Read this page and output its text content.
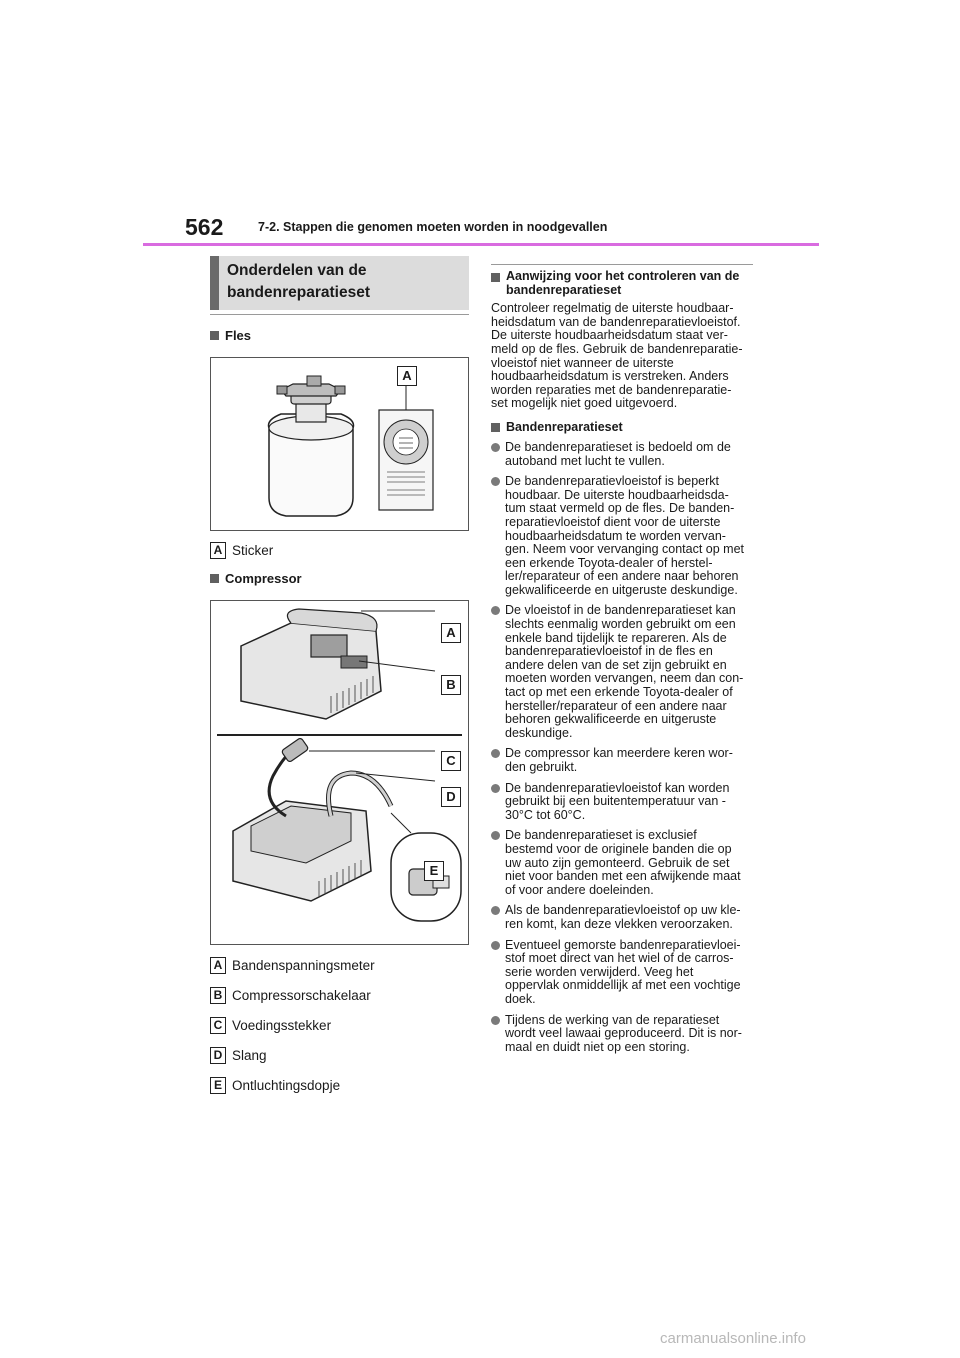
562	7-2. Stappen die genomen moeten worden in noodgevallen
Onderdelen van de
bandenreparatieset
Fles
A
A Sticker
Compressor
A
B
C
D
E
A Bandenspanningsmeter
B Compressorschakelaar
C Voedingsstekker
D Slang
E Ontluchtingsdopje
Aanwijzing voor het controleren van de
bandenreparatieset
Controleer regelmatig de uiterste houdbaar-
heidsdatum van de bandenreparatievloeistof.
De uiterste houdbaarheidsdatum staat ver-
meld op de fles. Gebruik de bandenreparatie-
vloeistof niet wanneer de uiterste
houdbaarheidsdatum is verstreken. Anders
worden reparaties met de bandenreparatie-
set mogelijk niet goed uitgevoerd.
Bandenreparatieset
De bandenreparatieset is bedoeld om de
autoband met lucht te vullen.
De bandenreparatievloeistof is beperkt
houdbaar. De uiterste houdbaarheidsda-
tum staat vermeld op de fles. De banden-
reparatievloeistof dient voor de uiterste
houdbaarheidsdatum te worden vervan-
gen. Neem voor vervanging contact op met
een erkende Toyota-dealer of herstel-
ler/reparateur of een andere naar behoren
gekwalificeerde en uitgeruste deskundige.
De vloeistof in de bandenreparatieset kan
slechts eenmalig worden gebruikt om een
enkele band tijdelijk te repareren. Als de
bandenreparatievloeistof in de fles en
andere delen van de set zijn gebruikt en
moeten worden vervangen, neem dan con-
tact op met een erkende Toyota-dealer of
hersteller/reparateur of een andere naar
behoren gekwalificeerde en uitgeruste
deskundige.
De compressor kan meerdere keren wor-
den gebruikt.
De bandenreparatievloeistof kan worden
gebruikt bij een buitentemperatuur van -
30°C tot 60°C.
De bandenreparatieset is exclusief
bestemd voor de originele banden die op
uw auto zijn gemonteerd. Gebruik de set
niet voor banden met een afwijkende maat
of voor andere doeleinden.
Als de bandenreparatievloeistof op uw kle-
ren komt, kan deze vlekken veroorzaken.
Eventueel gemorste bandenreparatievloei-
stof moet direct van het wiel of de carros-
serie worden verwijderd. Veeg het
oppervlak onmiddellijk af met een vochtige
doek.
Tijdens de werking van de reparatieset
wordt veel lawaai geproduceerd. Dit is nor-
maal en duidt niet op een storing.
carmanualsonline.info
